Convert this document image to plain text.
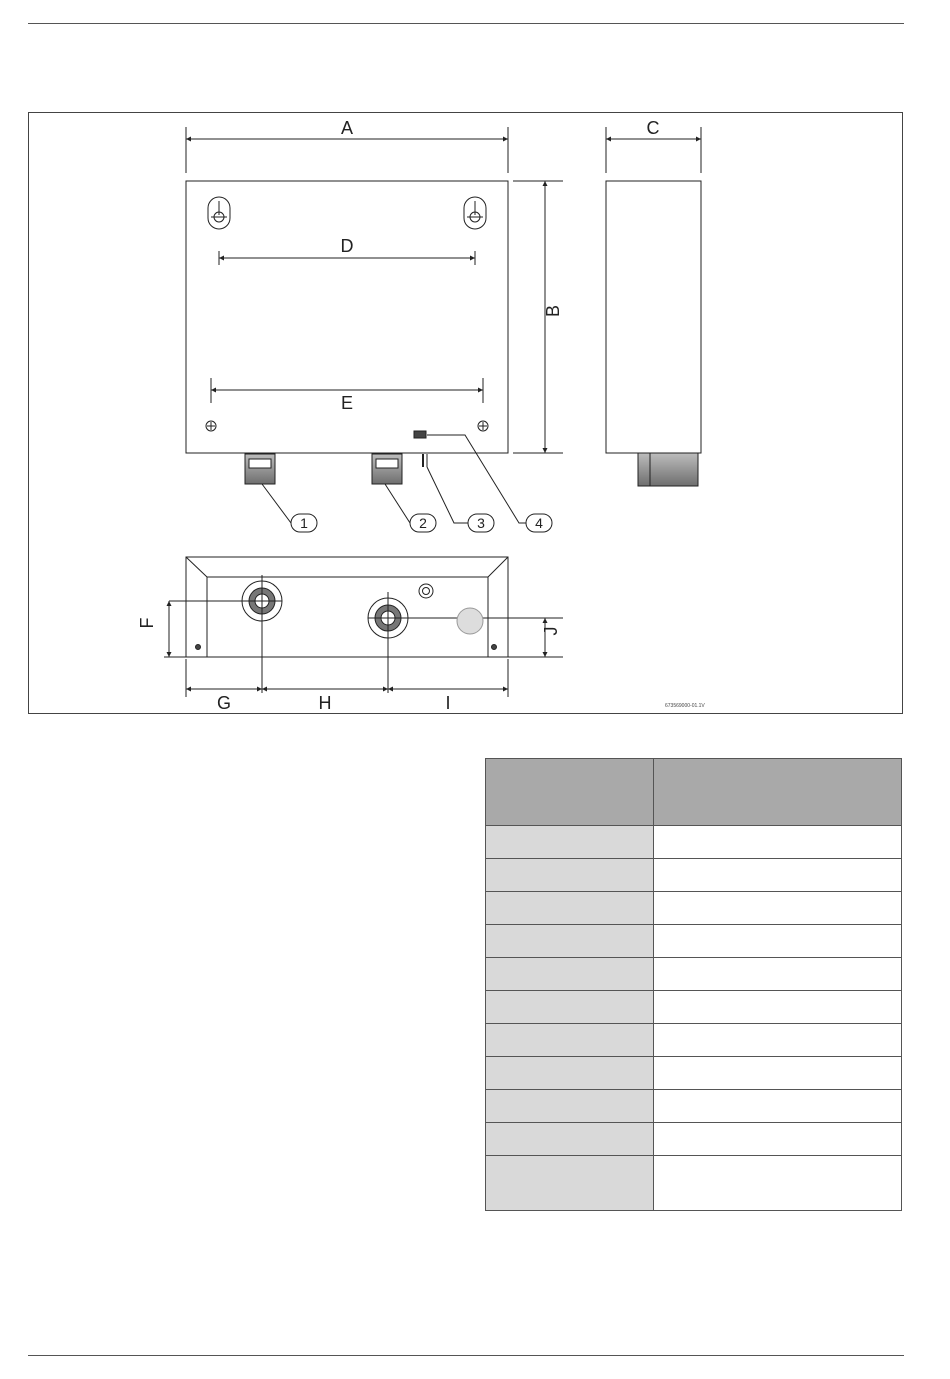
1	2	3	4
A	C
D
E
G	H	I
B
F
J
673569000-01.1V
